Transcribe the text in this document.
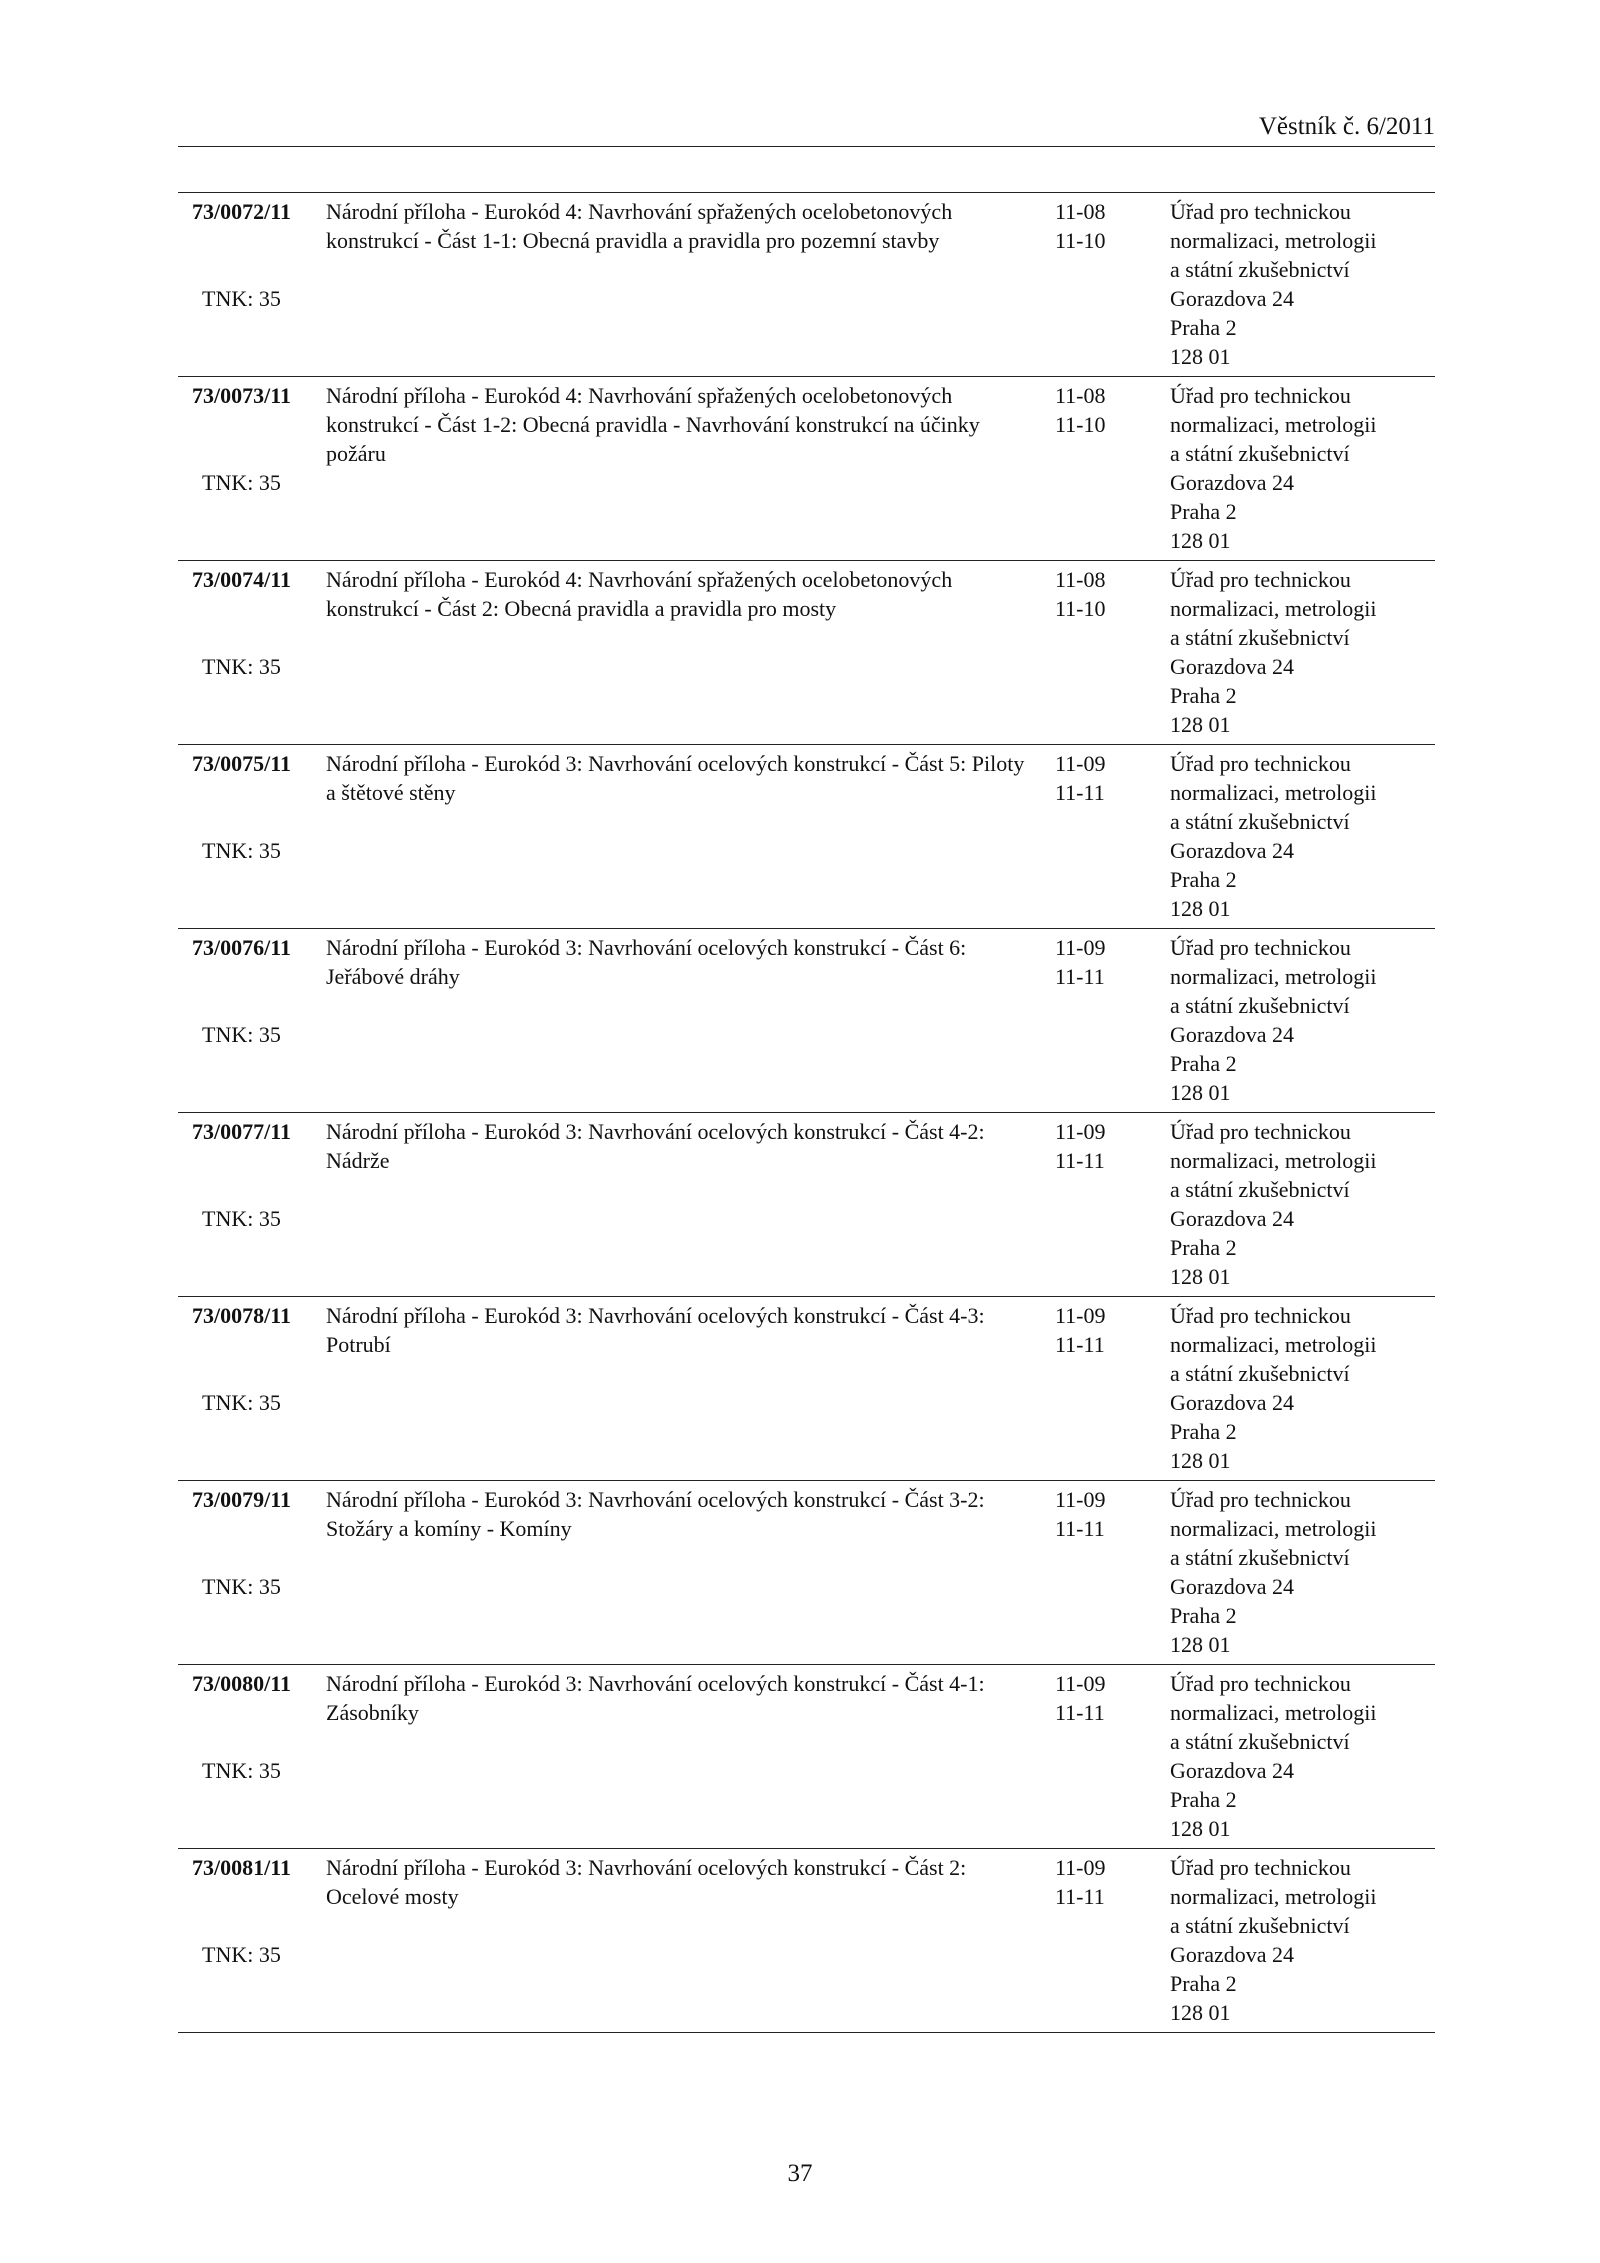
Věstník č. 6/2011
73/0072/11
TNK: 35
Národní příloha - Eurokód 4: Navrhování spřažených ocelobetonových konstrukcí - Část 1-1: Obecná pravidla a pravidla pro pozemní stavby
11-08
11-10
Úřad pro technickou
normalizaci, metrologii
a státní zkušebnictví
Gorazdova 24
Praha 2
128 01
73/0073/11
TNK: 35
Národní příloha - Eurokód 4: Navrhování spřažených ocelobetonových konstrukcí - Část 1-2: Obecná pravidla - Navrhování konstrukcí na účinky požáru
11-08
11-10
Úřad pro technickou
normalizaci, metrologii
a státní zkušebnictví
Gorazdova 24
Praha 2
128 01
73/0074/11
TNK: 35
Národní příloha - Eurokód 4: Navrhování spřažených ocelobetonových konstrukcí - Část 2: Obecná pravidla a pravidla pro mosty
11-08
11-10
Úřad pro technickou
normalizaci, metrologii
a státní zkušebnictví
Gorazdova 24
Praha 2
128 01
73/0075/11
TNK: 35
Národní příloha - Eurokód 3: Navrhování ocelových konstrukcí - Část 5: Piloty a štětové stěny
11-09
11-11
Úřad pro technickou
normalizaci, metrologii
a státní zkušebnictví
Gorazdova 24
Praha 2
128 01
73/0076/11
TNK: 35
Národní příloha - Eurokód 3: Navrhování ocelových konstrukcí - Část 6: Jeřábové dráhy
11-09
11-11
Úřad pro technickou
normalizaci, metrologii
a státní zkušebnictví
Gorazdova 24
Praha 2
128 01
73/0077/11
TNK: 35
Národní příloha - Eurokód 3: Navrhování ocelových konstrukcí - Část 4-2: Nádrže
11-09
11-11
Úřad pro technickou
normalizaci, metrologii
a státní zkušebnictví
Gorazdova 24
Praha 2
128 01
73/0078/11
TNK: 35
Národní příloha - Eurokód 3: Navrhování ocelových konstrukcí - Část 4-3: Potrubí
11-09
11-11
Úřad pro technickou
normalizaci, metrologii
a státní zkušebnictví
Gorazdova 24
Praha 2
128 01
73/0079/11
TNK: 35
Národní příloha - Eurokód 3: Navrhování ocelových konstrukcí - Část 3-2: Stožáry a komíny - Komíny
11-09
11-11
Úřad pro technickou
normalizaci, metrologii
a státní zkušebnictví
Gorazdova 24
Praha 2
128 01
73/0080/11
TNK: 35
Národní příloha - Eurokód 3: Navrhování ocelových konstrukcí - Část 4-1: Zásobníky
11-09
11-11
Úřad pro technickou
normalizaci, metrologii
a státní zkušebnictví
Gorazdova 24
Praha 2
128 01
73/0081/11
TNK: 35
Národní příloha - Eurokód 3: Navrhování ocelových konstrukcí - Část 2: Ocelové mosty
11-09
11-11
Úřad pro technickou
normalizaci, metrologii
a státní zkušebnictví
Gorazdova 24
Praha 2
128 01
37
